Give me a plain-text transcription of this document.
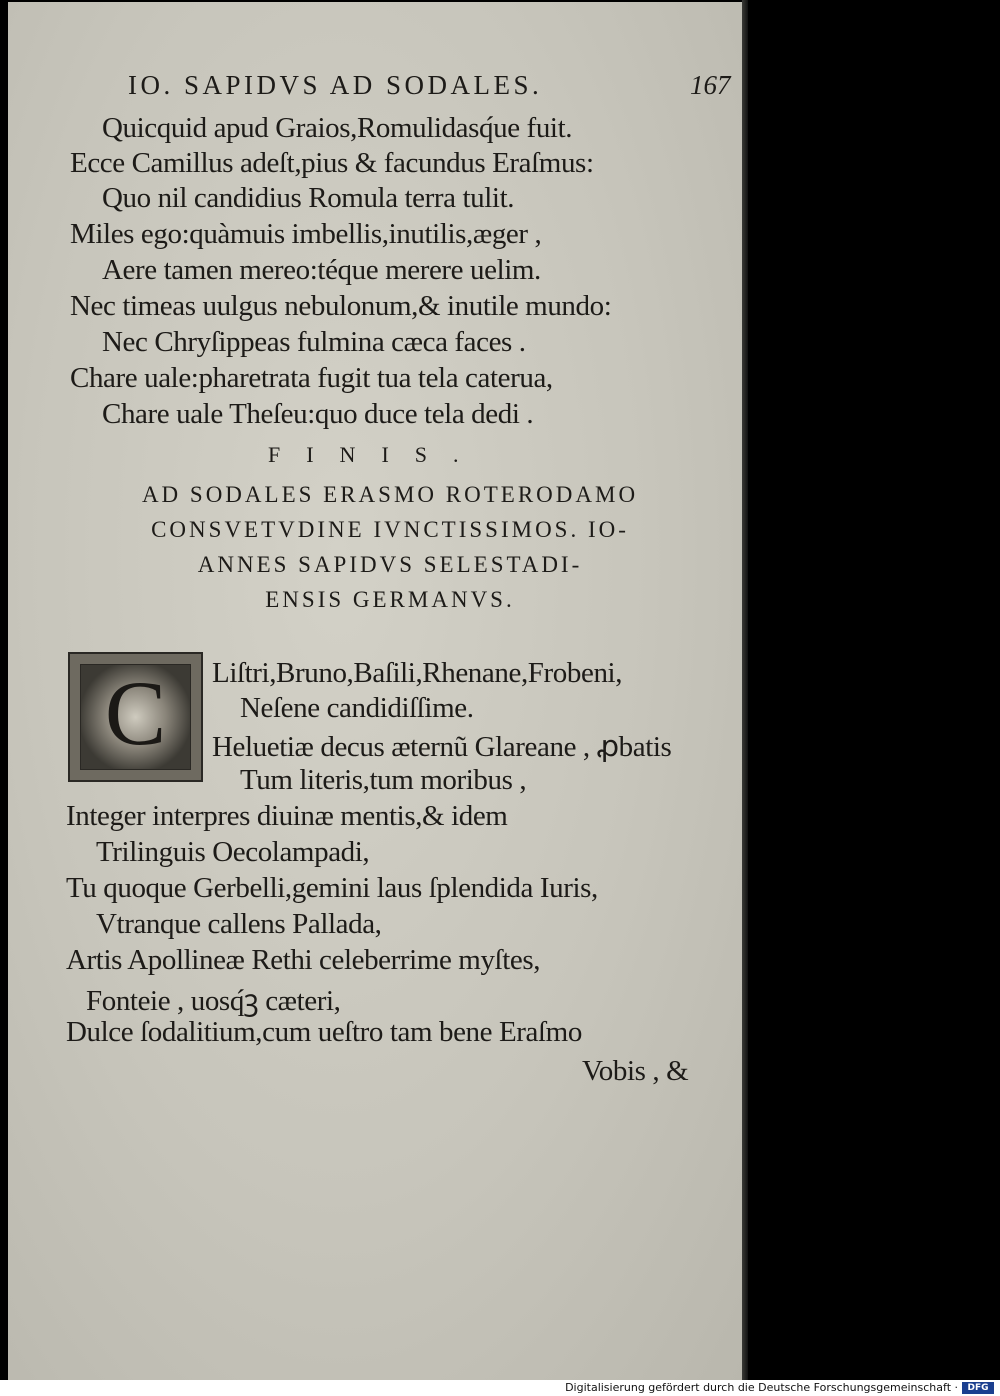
IO. SAPIDVS AD SODALES.	167
Quicquid apud Graios,Romulidasq́ue fuit.
Ecce Camillus adeſt,pius & facundus Eraſmus:
Quo nil candidius Romula terra tulit.
Miles ego:quàmuis imbellis,inutilis,æger ,
Aere tamen mereo:téque merere uelim.
Nec timeas uulgus nebulonum,& inutile mundo:
Nec Chryſippeas fulmina cæca faces .
Chare uale:pharetrata fugit tua tela caterua,
Chare uale Theſeu:quo duce tela dedi .
FINIS.
AD SODALES ERASMO ROTERODAMO
CONSVETVDINE IVNCTISSIMOS. IO-
ANNES SAPIDVS SELESTADI-
ENSIS GERMANVS.
C	Liſtri,Bruno,Baſili,Rhenane,Frobeni,
Neſene candidiſſime.
Heluetiæ decus æternũ Glareane , ꝓbatis
Tum literis,tum moribus ,
Integer interpres diuinæ mentis,& idem
Trilinguis Oecolampadi,
Tu quoque Gerbelli,gemini laus ſplendida Iuris,
Vtranque callens Pallada,
Artis Apollineæ Rethi celeberrime myſtes,
Fonteie , uosq́ꝫ cæteri,
Dulce ſodalitium,cum ueſtro tam bene Eraſmo
Vobis , &
Digitalisierung gefördert durch die Deutsche Forschungsgemeinschaft ·	DFG
